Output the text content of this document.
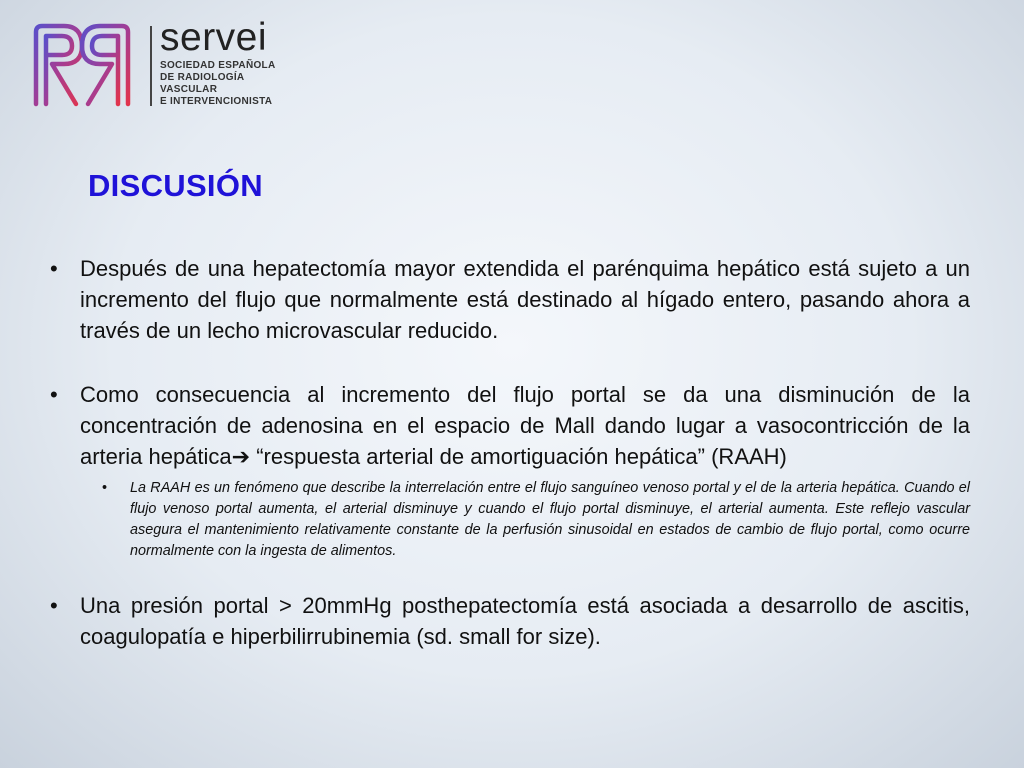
servei
SOCIEDAD ESPAÑOLA
DE RADIOLOGÍA
VASCULAR
E INTERVENCIONISTA
DISCUSIÓN

• Después de una hepatectomía mayor extendida el parénquima hepático está sujeto a un incremento del flujo que normalmente está destinado al hígado entero, pasando ahora a través de un lecho microvascular reducido.

• Como consecuencia al incremento del flujo portal se da una disminución de la concentración de adenosina en el espacio de Mall dando lugar a vasocontricción de la arteria hepática➔ “respuesta arterial de amortiguación hepática” (RAAH)

• La RAAH es un fenómeno que describe la interrelación entre el flujo sanguíneo venoso portal y el de la arteria hepática. Cuando el flujo venoso portal aumenta, el arterial disminuye y cuando el flujo portal disminuye, el arterial aumenta. Este reflejo vascular asegura el mantenimiento relativamente constante de la perfusión sinusoidal en estados de cambio de flujo portal, como ocurre normalmente con la ingesta de alimentos.

• Una presión portal > 20mmHg posthepatectomía está asociada a desarrollo de ascitis, coagulopatía e hiperbilirrubinemia (sd. small for size).
